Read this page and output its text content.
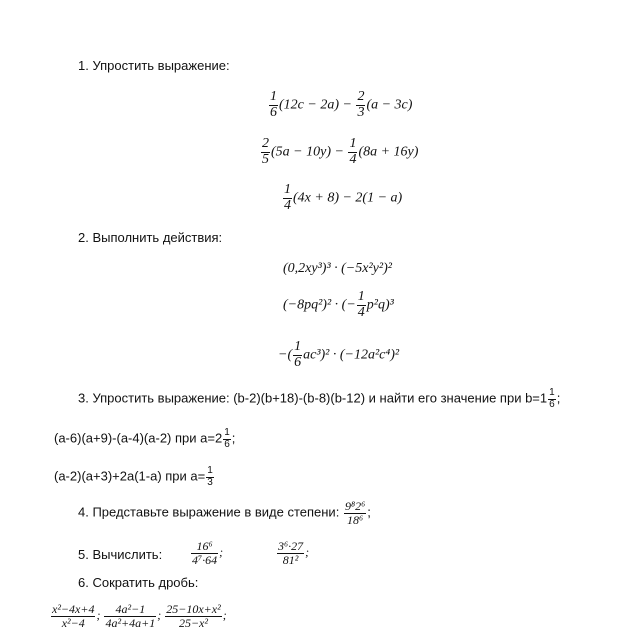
1. Упростить выражение:
$\frac{1}{6} (12c - 2a) - \frac{2}{3} (a - 3c)$
$\frac{2}{5} (5a - 10y) - \frac{1}{4} (8a + 16y)$
$\frac{1}{4} (4x + 8) - 2(1 - a)$
2. Выполнить действия:
(0,2xy³)³ · (−5x²y²)²
(−8pq²)² · (− $\frac{1}{4} p^2q)^3$
−( $\frac{1}{6} ac^3)^2 \cdot (-12a^2c^4)^2$
3. Упростить выражение: (b-2)(b+18)-(b-8)(b-12) и найти его значение при $b=1 \frac{1}{6}$ ;
(a-6)(a+9)-(a-4)(a-2) при $a=2 \frac{1}{6}$ ;
(a-2)(a+3)+2a(1-a) при $a= \frac{1}{3}$
4. Представьте выражение в виде степени: $\frac{\text{9⁸2⁶}}{\text{18⁶}}$ ;
5. Вычислить: $\frac{\text{16⁶}}{\text{4⁷·64}}$ ;	$\frac{\text{3⁶·27}}{\text{81²}}$ ;
6. Сократить дробь:
$\frac{\text{x²−4x+4}}{\text{x²−4}}$ ; $\frac{\text{4a²−1}}{\text{4a²+4a+1}}$ ; $\frac{\text{25−10x+x²}}{\text{25−x²}}$ ;
